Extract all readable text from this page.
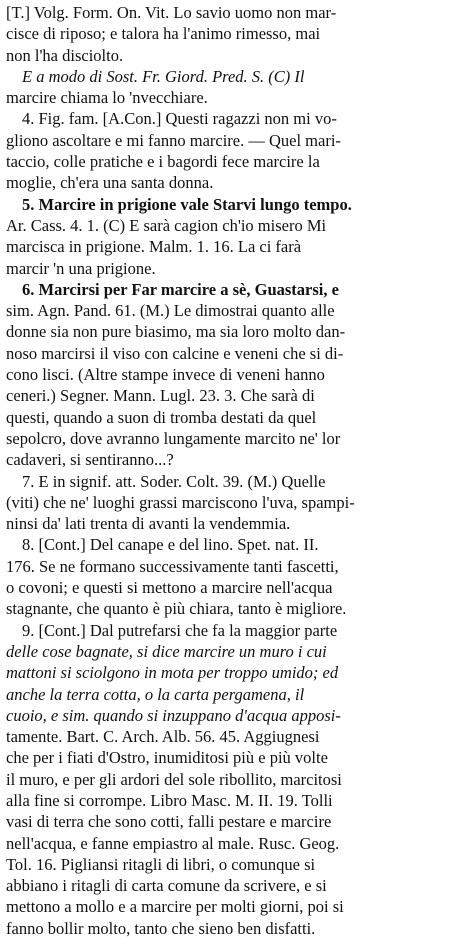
[T.] Volg. Form. On. Vit. Lo savio uomo non mar-
cisce di riposo; e talora ha l'animo rimesso, mai
non l'ha disciolto.
E a modo di Sost. Fr. Giord. Pred. S. (C) Il
marcire chiama lo 'nvecchiare.
4. Fig. fam. [A.Con.] Questi ragazzi non mi vo-
gliono ascoltare e mi fanno marcire. — Quel mari-
taccio, colle pratiche e i bagordi fece marcire la
moglie, ch'era una santa donna.
5. Marcire in prigione vale Starvi lungo tempo.
Ar. Cass. 4. 1. (C) E sarà cagion ch'io misero Mi
marcisca in prigione. Malm. 1. 16. La ci farà
marcir 'n una prigione.
6. Marcirsi per Far marcire a sè, Guastarsi, e
sim. Agn. Pand. 61. (M.) Le dimostrai quanto alle
donne sia non pure biasimo, ma sia loro molto dan-
noso marcirsi il viso con calcine e veneni che si di-
cono lisci. (Altre stampe invece di veneni hanno
ceneri.) Segner. Mann. Lugl. 23. 3. Che sarà di
questi, quando a suon di tromba destati da quel
sepolcro, dove avranno lungamente marcito ne' lor
cadaveri, si sentiranno...?
7. E in signif. att. Soder. Colt. 39. (M.) Quelle
(viti) che ne' luoghi grassi marciscono l'uva, spampi-
ninsi da' lati trenta di avanti la vendemmia.
8. [Cont.] Del canape e del lino. Spet. nat. II.
176. Se ne formano successivamente tanti fascetti,
o covoni; e questi si mettono a marcire nell'acqua
stagnante, che quanto è più chiara, tanto è migliore.
9. [Cont.] Dal putrefarsi che fa la maggior parte
delle cose bagnate, si dice marcire un muro i cui
mattoni si sciolgono in mota per troppo umido; ed
anche la terra cotta, o la carta pergamena, il
cuoio, e sim. quando si inzuppano d'acqua apposi-
tamente. Bart. C. Arch. Alb. 56. 45. Aggiugnesi
che per i fiati d'Ostro, inumiditosi più e più volte
il muro, e per gli ardori del sole ribollito, marcitosi
alla fine si corrompe. Libro Masc. M. II. 19. Tolli
vasi di terra che sono cotti, falli pestare e marcire
nell'acqua, e fanne empiastro al male. Rusc. Geog.
Tol. 16. Pigliansi ritagli di libri, o comunque si
abbiano i ritagli di carta comune da scrivere, e si
mettono a mollo e a marcire per molti giorni, poi si
fanno bollir molto, tanto che sieno ben disfatti.
